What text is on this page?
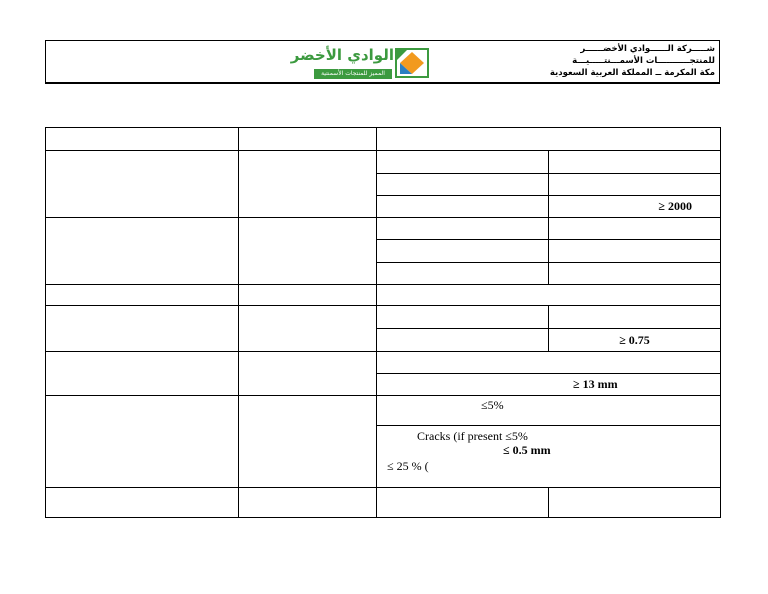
شـــــركة الــــــوادي الأخضــــــر
للمنتجـــــــــــات الأسمـــنتـــــيـــة
مكة المكرمة ــ المملكة العربية السعودية
الوادي الأخضر
المميز للمنتجات الأسمنتية

			≥ 2000

			≥ 0.75

		≥ 13 mm	
		≤5%	

		Cracks (if present ≤5%
≤ 0.5 mm
≤ 25 % (	
